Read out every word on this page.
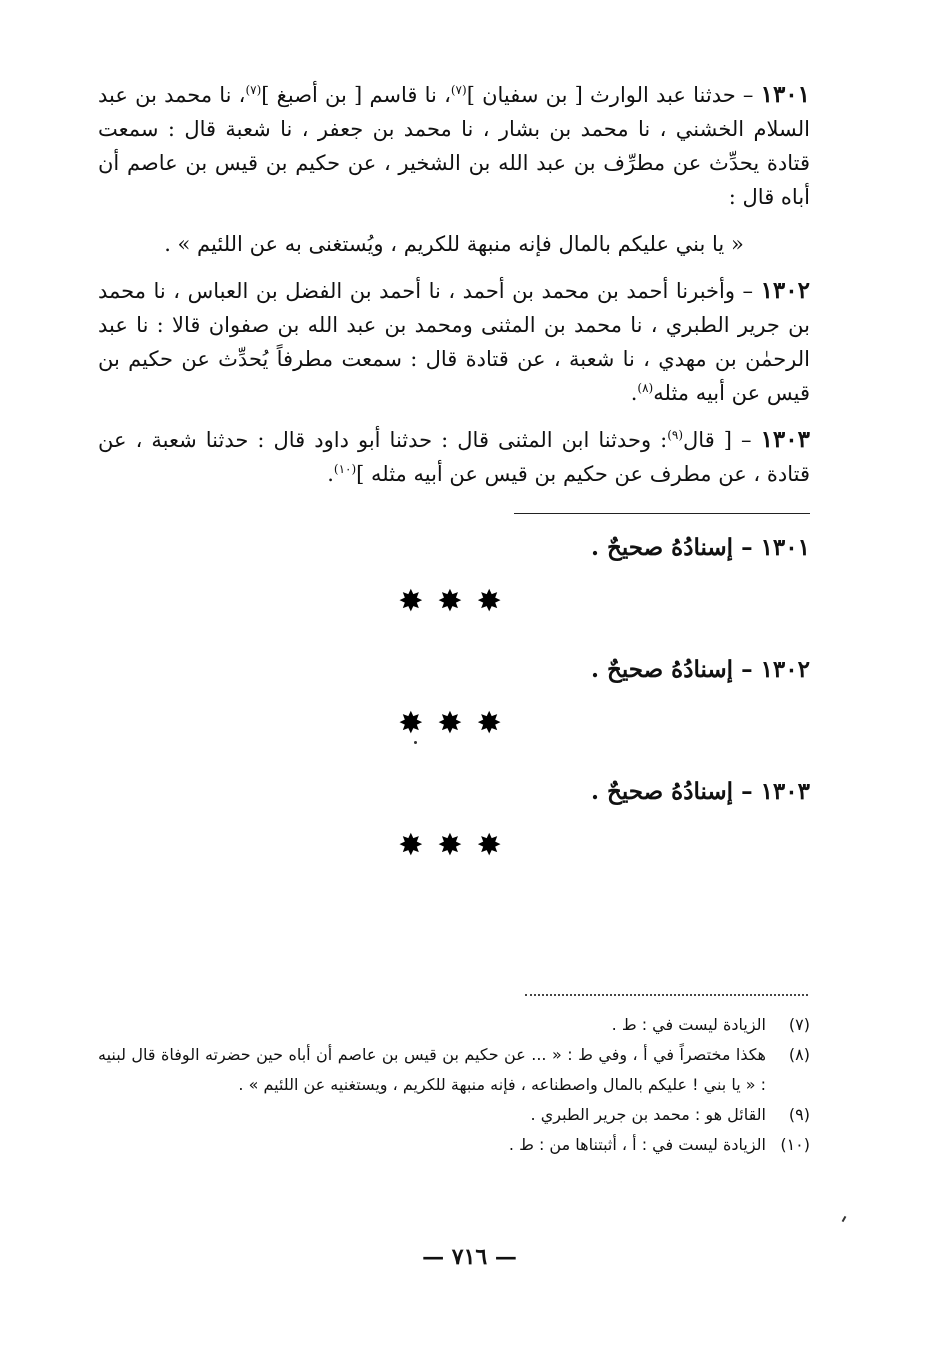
١٣٠١ – حدثنا عبد الوارث [ بن سفيان ]$^{(٧)}$، نا قاسم [ بن أصبغ ]$^{(٧)}$، نا محمد بن عبد السلام الخشني ، نا محمد بن بشار ، نا محمد بن جعفر ، نا شعبة قال : سمعت قتادة يحدِّث عن مطرِّف بن عبد الله بن الشخير ، عن حكيم بن قيس بن عاصم أن أباه قال :

« يا بني عليكم بالمال فإنه منبهة للكريم ، ويُستغنى به عن اللئيم » .

١٣٠٢ – وأخبرنا أحمد بن محمد بن أحمد ، نا أحمد بن الفضل بن العباس ، نا محمد بن جرير الطبري ، نا محمد بن المثنى ومحمد بن عبد الله بن صفوان قالا : نا عبد الرحمٰن بن مهدي ، نا شعبة ، عن قتادة قال : سمعت مطرفاً يُحدِّث عن حكيم بن قيس عن أبيه مثله$^{(٨)}$.

١٣٠٣ – [ قال$^{(٩)}$: وحدثنا ابن المثنى قال : حدثنا أبو داود قال : حدثنا شعبة ، عن قتادة ، عن مطرف عن حكيم بن قيس عن أبيه مثله ]$^{(١٠)}$.

١٣٠١ – إسنادُهُ صحيحٌ .
✸✸✸
١٣٠٢ – إسنادُهُ صحيحٌ .
✸✸✸
١٣٠٣ – إسنادُهُ صحيحٌ .
✸✸✸
(٧)
الزيادة ليست في : ط .
(٨)
هكذا مختصراً في أ ، وفي ط : « ... عن حكيم بن قيس بن عاصم أن أباه حين حضرته الوفاة قال لبنيه : « يا بني ! عليكم بالمال واصطناعه ، فإنه منبهة للكريم ، ويستغنيه عن اللئيم » .
(٩)
القائل هو : محمد بن جرير الطبري .
(١٠)
الزيادة ليست في : أ ، أثبتناها من : ط .
— ٧١٦ —
